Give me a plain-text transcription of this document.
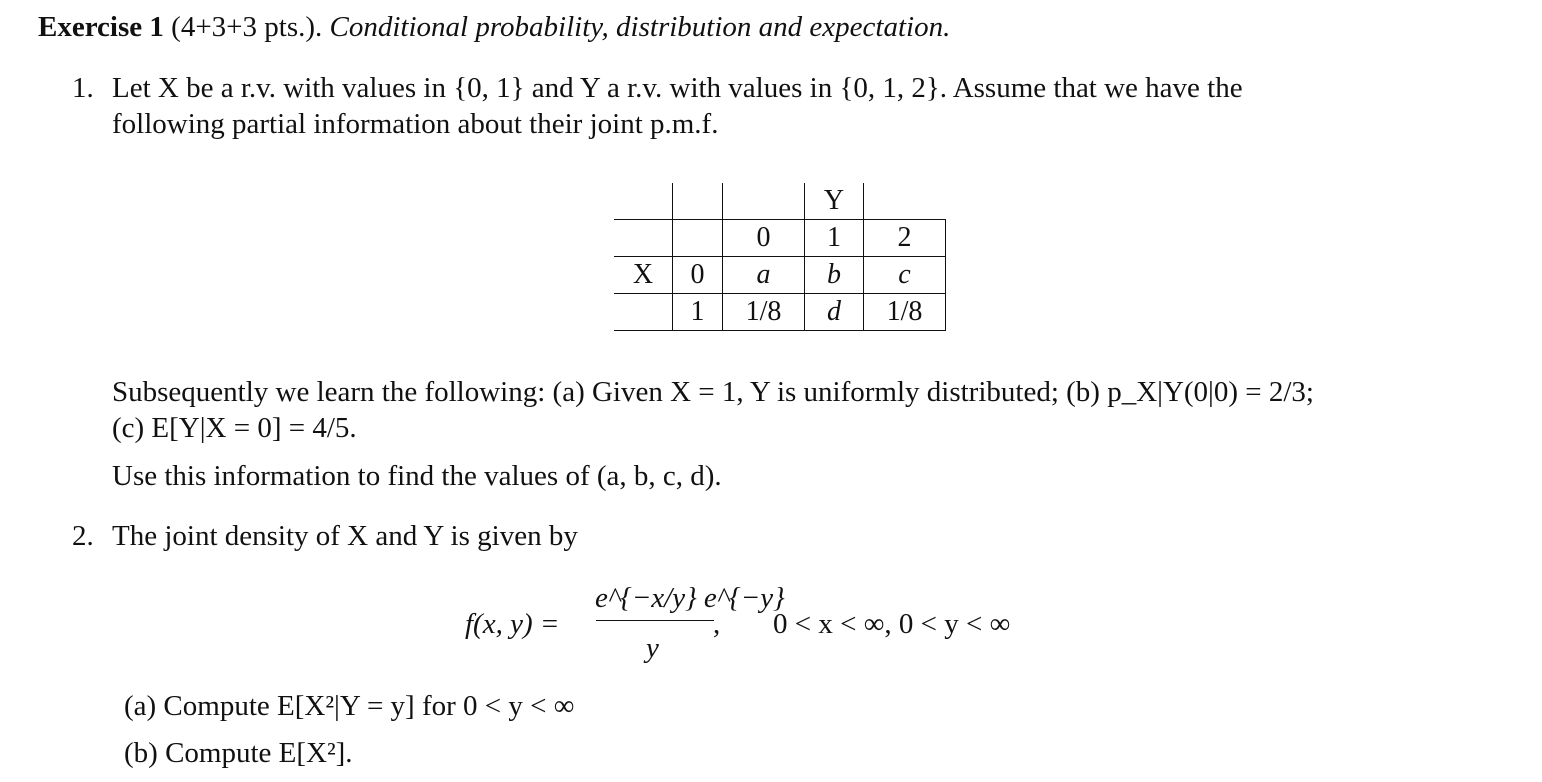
Exercise 1 (4+3+3 pts.). Conditional probability, distribution and expectation.
1. Let X be a r.v. with values in {0, 1} and Y a r.v. with values in {0, 1, 2}. Assume that we have the
following partial information about their joint p.m.f.
			Y	
		0	1	2
X	0	a	b	c
	1	1/8	d	1/8
Subsequently we learn the following: (a) Given X = 1, Y is uniformly distributed; (b) p_X|Y(0|0) = 2/3;
(c) E[Y|X = 0] = 4/5.
Use this information to find the values of (a, b, c, d).
2. The joint density of X and Y is given by
f(x, y) =
e^{−x/y} e^{−y}
y
, 0 < x < ∞, 0 < y < ∞
(a) Compute E[X²|Y = y] for 0 < y < ∞
(b) Compute E[X²].
